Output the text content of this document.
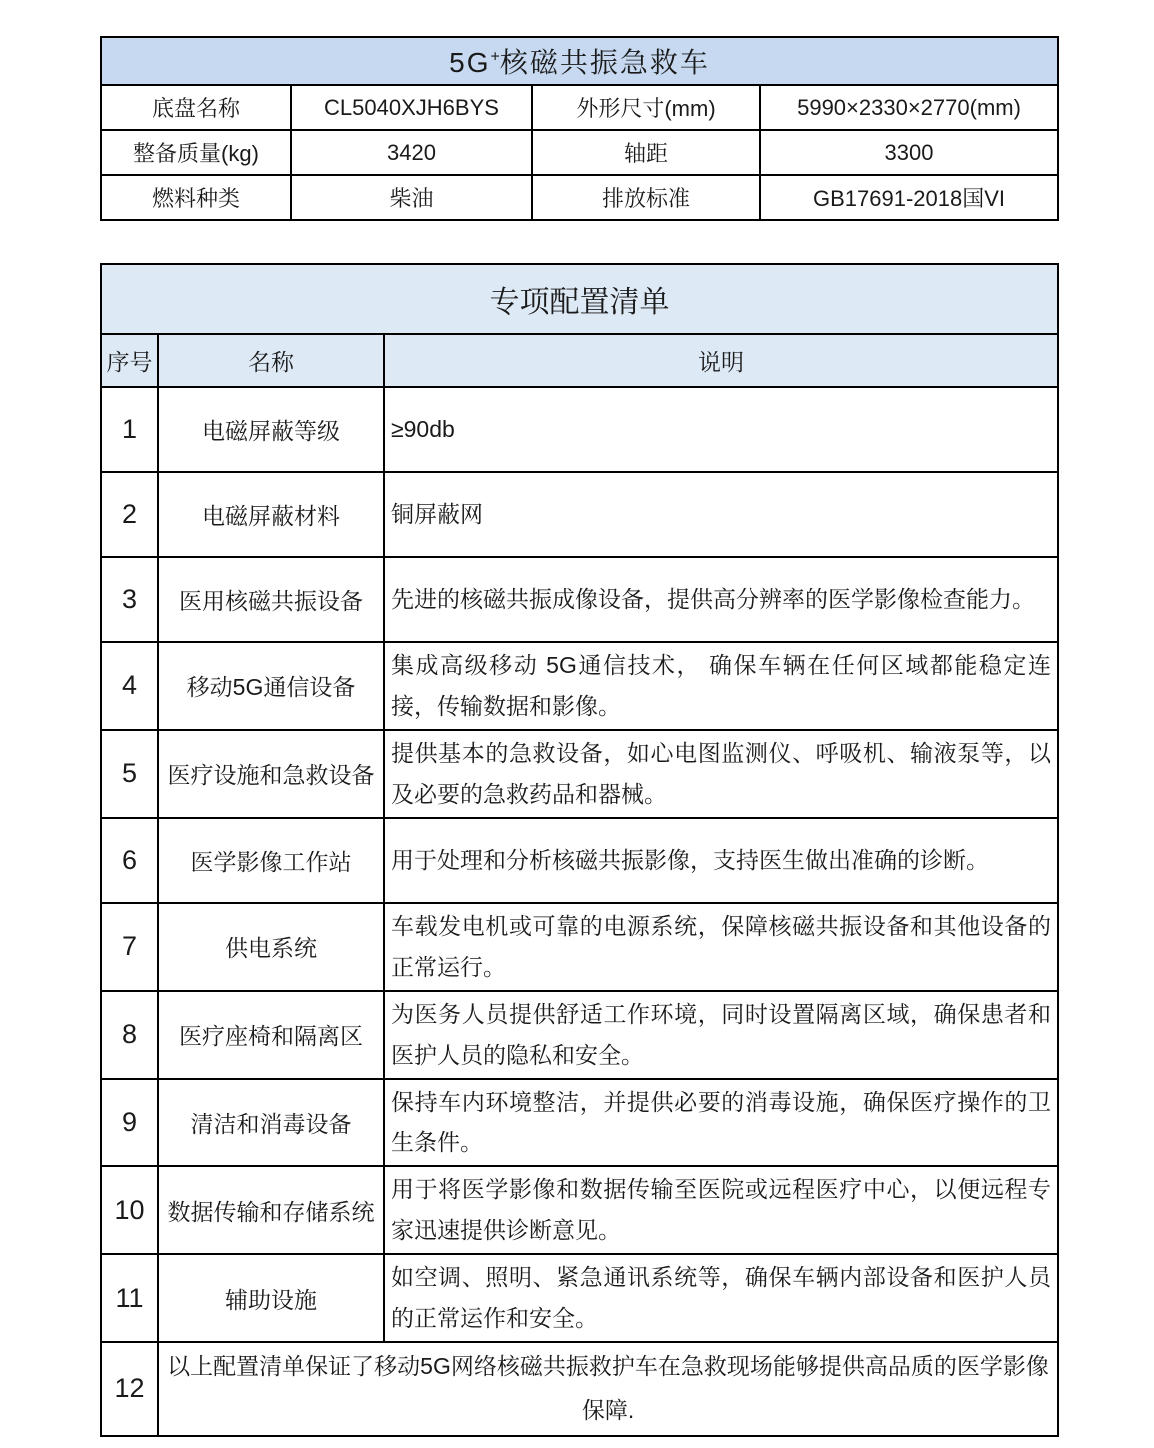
5G+核磁共振急救车			
底盘名称	CL5040XJH6BYS	外形尺寸(mm)	5990×2330×2770(mm)
整备质量(kg)	3420	轴距	3300
燃料种类	柴油	排放标准	GB17691-2018国VI
专项配置清单		
序号	名称	说明
1	电磁屏蔽等级	≥90db
2	电磁屏蔽材料	铜屏蔽网
3	医用核磁共振设备	先进的核磁共振成像设备，提供高分辨率的医学影像检查能力。
4	移动5G通信设备	集成高级移动 5G通信技术， 确保车辆在任何区域都能稳定连接，传输数据和影像。
5	医疗设施和急救设备	提供基本的急救设备，如心电图监测仪、呼吸机、输液泵等，以及必要的急救药品和器械。
6	医学影像工作站	用于处理和分析核磁共振影像，支持医生做出准确的诊断。
7	供电系统	车载发电机或可靠的电源系统，保障核磁共振设备和其他设备的正常运行。
8	医疗座椅和隔离区	为医务人员提供舒适工作环境，同时设置隔离区域，确保患者和医护人员的隐私和安全。
9	清洁和消毒设备	保持车内环境整洁，并提供必要的消毒设施，确保医疗操作的卫生条件。
10	数据传输和存储系统	用于将医学影像和数据传输至医院或远程医疗中心，以便远程专家迅速提供诊断意见。
11	辅助设施	如空调、照明、紧急通讯系统等，确保车辆内部设备和医护人员的正常运作和安全。
12	以上配置清单保证了移动5G网络核磁共振救护车在急救现场能够提供高品质的医学影像保障.	
